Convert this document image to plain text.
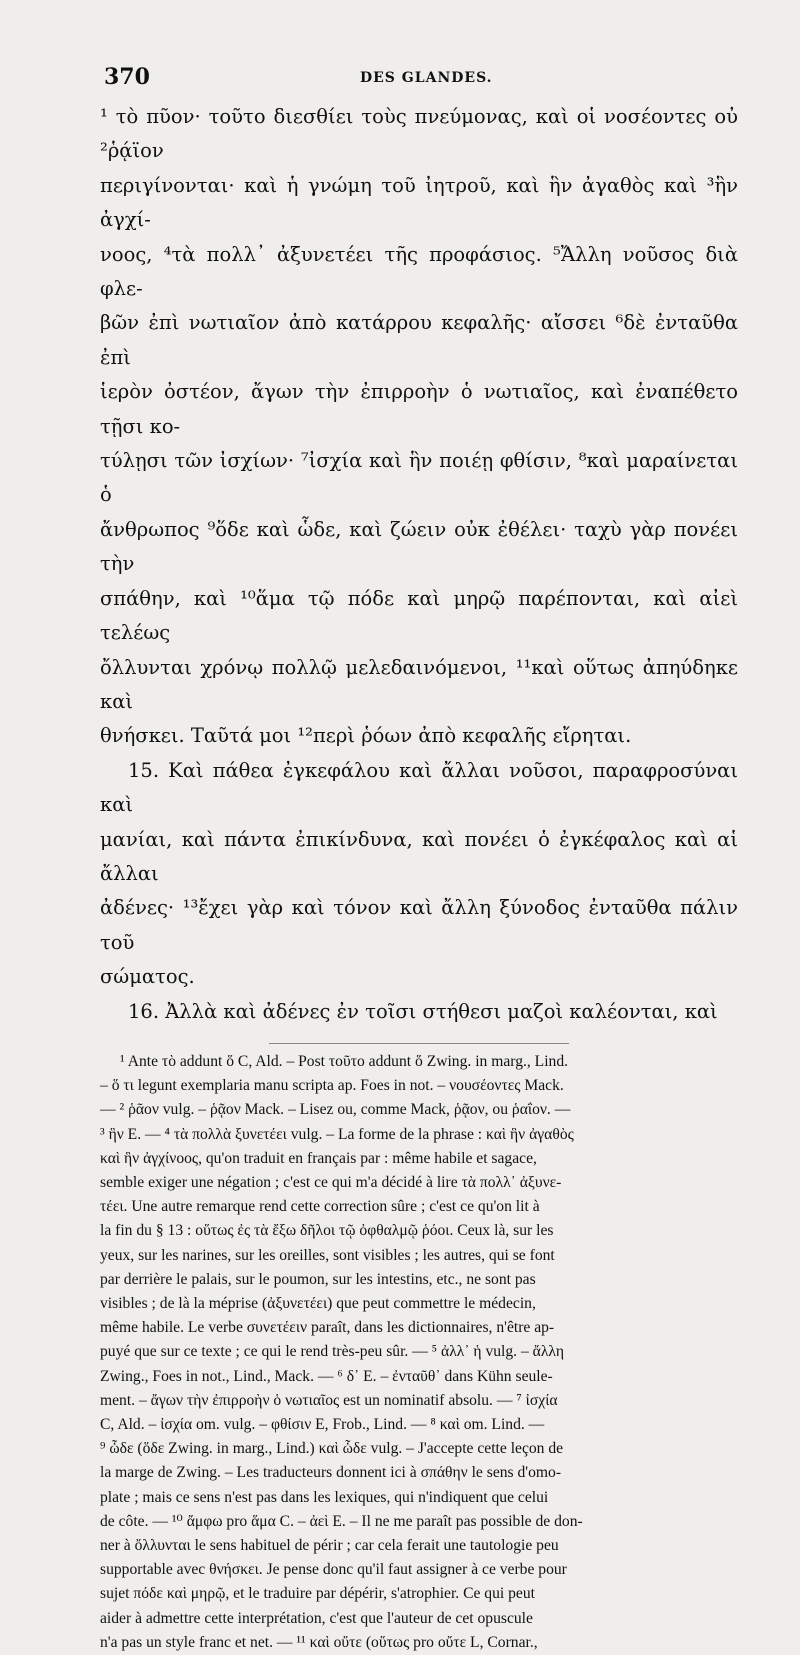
370	DES GLANDES.

¹ τὸ πῦον· τοῦτο διεσθίει τοὺς πνεύμονας, καὶ οἱ νοσέοντες οὐ ²ῥᾴϊον

περιγίνονται· καὶ ἡ γνώμη τοῦ ἰητροῦ, καὶ ἣν ἀγαθὸς καὶ ³ἣν ἀγχί-

νοος, ⁴τὰ πολλ᾽ ἀξυνετέει τῆς προφάσιος. ⁵Ἄλλη νοῦσος διὰ φλε-

βῶν ἐπὶ νωτιαῖον ἀπὸ κατάρρου κεφαλῆς· αἴσσει ⁶δὲ ἐνταῦθα ἐπὶ

ἱερὸν ὀστέον, ἄγων τὴν ἐπιρροὴν ὁ νωτιαῖος, καὶ ἐναπέθετο τῇσι κο-

τύλῃσι τῶν ἰσχίων· ⁷ἰσχία καὶ ἣν ποιέῃ φθίσιν, ⁸καὶ μαραίνεται ὁ

ἄνθρωπος ⁹ὅδε καὶ ὧδε, καὶ ζώειν οὐκ ἐθέλει· ταχὺ γὰρ πονέει τὴν

σπάθην, καὶ ¹⁰ἅμα τῷ πόδε καὶ μηρῷ παρέπονται, καὶ αἰεὶ τελέως

ὄλλυνται χρόνῳ πολλῷ μελεδαινόμενοι, ¹¹καὶ οὕτως ἀπηύδηκε καὶ

θνήσκει. Ταῦτά μοι ¹²περὶ ῥόων ἀπὸ κεφαλῆς εἴρηται.

15. Καὶ πάθεα ἐγκεφάλου καὶ ἄλλαι νοῦσοι, παραφροσύναι καὶ

μανίαι, καὶ πάντα ἐπικίνδυνα, καὶ πονέει ὁ ἐγκέφαλος καὶ αἱ ἄλλαι

ἀδένες· ¹³ἔχει γὰρ καὶ τόνον καὶ ἄλλη ξύνοδος ἐνταῦθα πάλιν τοῦ

σώματος.

16. Ἀλλὰ καὶ ἀδένες ἐν τοῖσι στήθεσι μαζοὶ καλέονται, καὶ

¹ Ante τὸ addunt ὅ C, Ald. – Post τοῦτο addunt ὅ Zwing. in marg., Lind.

– ὅ τι legunt exemplaria manu scripta ap. Foes in not. – νουσέοντες Mack.

— ² ῥᾶον vulg. – ῥᾷον Mack. – Lisez ou, comme Mack, ῥᾷον, ou ῥαΐον. —

³ ἣν E. — ⁴ τὰ πολλὰ ξυνετέει vulg. – La forme de la phrase : καὶ ἣν ἀγαθὸς

καὶ ἣν ἀγχίνοος, qu'on traduit en français par : même habile et sagace,

semble exiger une négation ; c'est ce qui m'a décidé à lire τὰ πολλ᾽ ἀξυνε-

τέει. Une autre remarque rend cette correction sûre ; c'est ce qu'on lit à

la fin du § 13 : οὕτως ἐς τὰ ἔξω δῆλοι τῷ ὀφθαλμῷ ῥόοι. Ceux là, sur les

yeux, sur les narines, sur les oreilles, sont visibles ; les autres, qui se font

par derrière le palais, sur le poumon, sur les intestins, etc., ne sont pas

visibles ; de là la méprise (ἀξυνετέει) que peut commettre le médecin,

même habile. Le verbe συνετέειν paraît, dans les dictionnaires, n'être ap-

puyé que sur ce texte ; ce qui le rend très-peu sûr. — ⁵ ἀλλ᾽ ἡ vulg. – ἄλλη

Zwing., Foes in not., Lind., Mack. — ⁶ δ᾽ E. – ἐνταῦθ᾽ dans Kühn seule-

ment. – ἄγων τὴν ἐπιρροὴν ὁ νωτιαῖος est un nominatif absolu. — ⁷ ἰσχία

C, Ald. – ἰσχία om. vulg. – φθίσιν E, Frob., Lind. — ⁸ καὶ om. Lind. —

⁹ ὧδε (ὅδε Zwing. in marg., Lind.) καὶ ὧδε vulg. – J'accepte cette leçon de

la marge de Zwing. – Les traducteurs donnent ici à σπάθην le sens d'omo-

plate ; mais ce sens n'est pas dans les lexiques, qui n'indiquent que celui

de côte. — ¹⁰ ἄμφω pro ἅμα C. – ἀεὶ E. – Il ne me paraît pas possible de don-

ner à ὄλλυνται le sens habituel de périr ; car cela ferait une tautologie peu

supportable avec θνήσκει. Je pense donc qu'il faut assigner à ce verbe pour

sujet πόδε καὶ μηρῷ, et le traduire par dépérir, s'atrophier. Ce qui peut

aider à admettre cette interprétation, c'est que l'auteur de cet opuscule

n'a pas un style franc et net. — ¹¹ καὶ οὔτε (οὕτως pro οὔτε L, Cornar.,
